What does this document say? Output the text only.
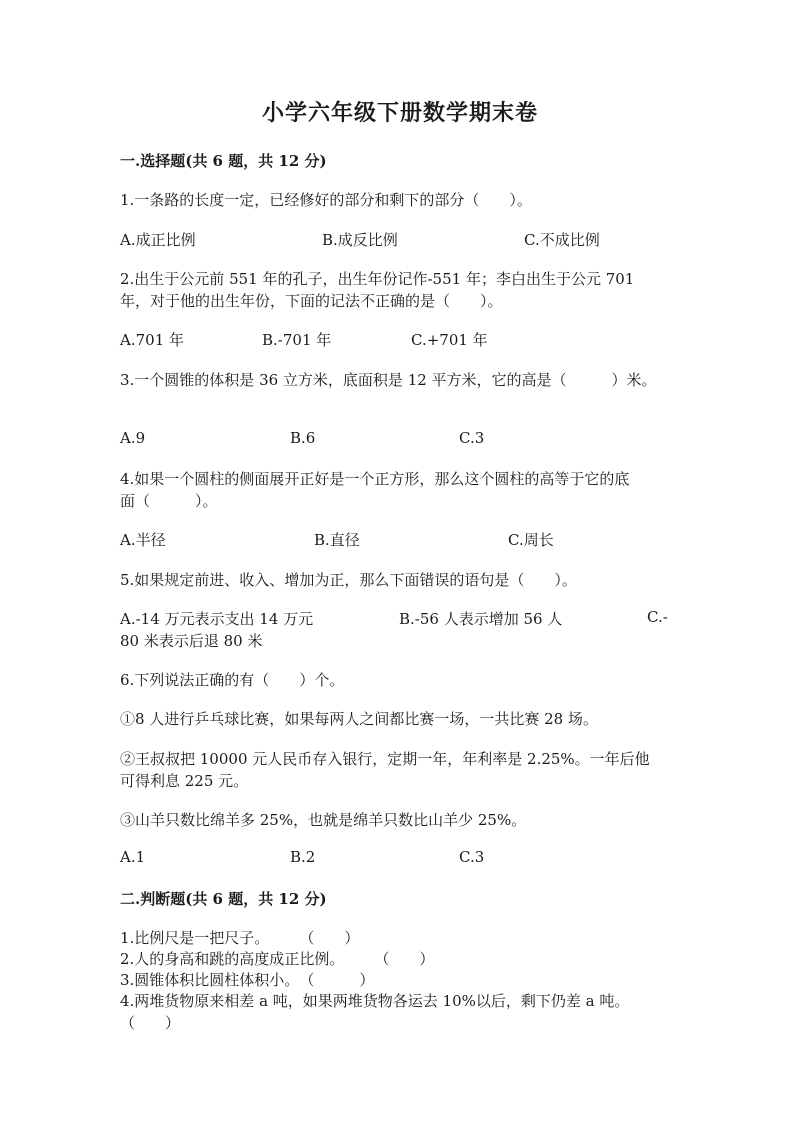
小学六年级下册数学期末卷
一.选择题(共 6 题，共 12 分)
1.一条路的长度一定，已经修好的部分和剩下的部分（　　）。
A.成正比例	B.成反比例	C.不成比例
2.出生于公元前 551 年的孔子，出生年份记作-551 年；李白出生于公元 701
年，对于他的出生年份，下面的记法不正确的是（　　）。
A.701 年	B.-701 年	C.+701 年
3.一个圆锥的体积是 36 立方米，底面积是 12 平方米，它的高是（　　　）米。
A.9	B.6	C.3
4.如果一个圆柱的侧面展开正好是一个正方形，那么这个圆柱的高等于它的底
面（　　　）。
A.半径	B.直径	C.周长
5.如果规定前进、收入、增加为正，那么下面错误的语句是（　　）。
A.-14 万元表示支出 14 万元	B.-56 人表示增加 56 人	C.-
80 米表示后退 80 米
6.下列说法正确的有（　　）个。
①8 人进行乒乓球比赛，如果每两人之间都比赛一场，一共比赛 28 场。
②王叔叔把 10000 元人民币存入银行，定期一年，年利率是 2.25%。一年后他
可得利息 225 元。
③山羊只数比绵羊多 25%，也就是绵羊只数比山羊少 25%。
A.1	B.2	C.3
二.判断题(共 6 题，共 12 分)
1.比例尺是一把尺子。　　　（　　）
2.人的身高和跳的高度成正比例。　　　（　　）
3.圆锥体积比圆柱体积小。　（　　　）
4.两堆货物原来相差 a 吨，如果两堆货物各运去 10%以后，剩下仍差 a 吨。
（　　）
